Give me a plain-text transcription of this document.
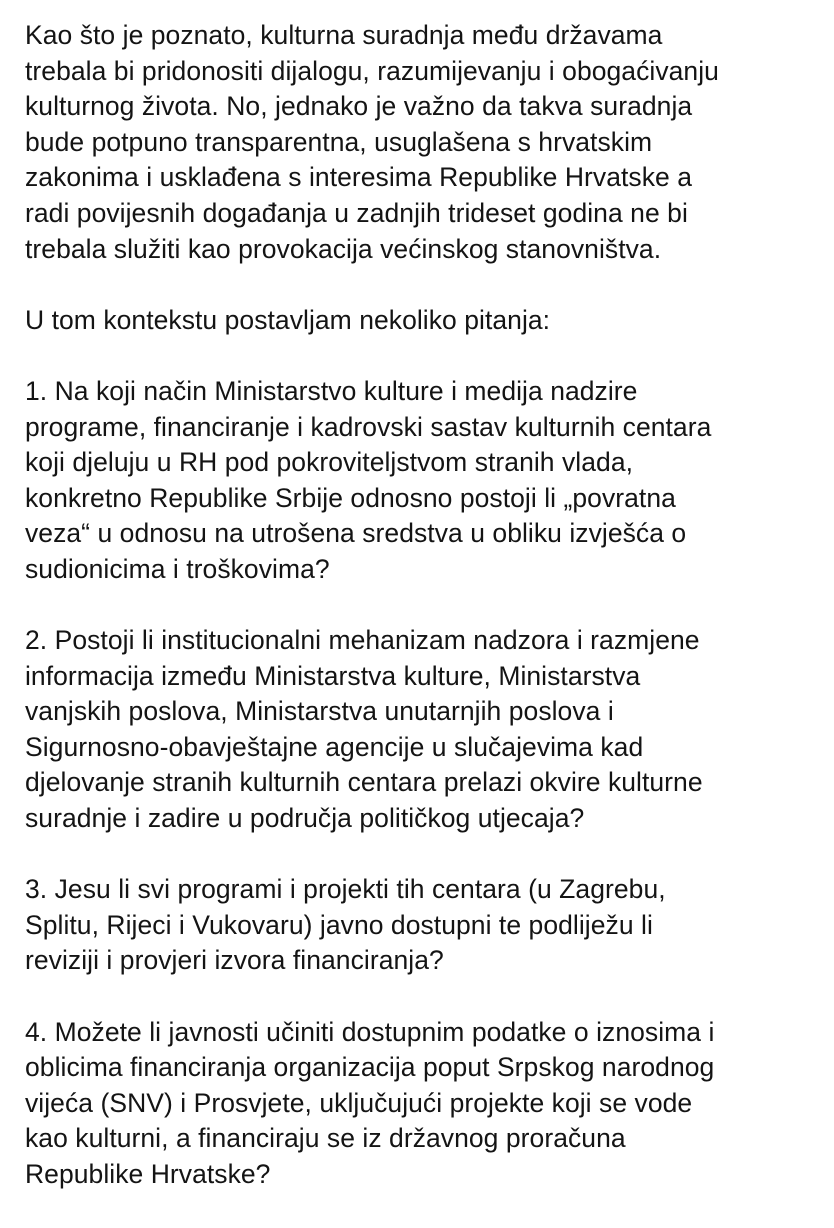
Kao što je poznato, kulturna suradnja među državama
trebala bi pridonositi dijalogu, razumijevanju i obogaćivanju
kulturnog života. No, jednako je važno da takva suradnja
bude potpuno transparentna, usuglašena s hrvatskim
zakonima i usklađena s interesima Republike Hrvatske a
radi povijesnih događanja u zadnjih trideset godina ne bi
trebala služiti kao provokacija većinskog stanovništva.

U tom kontekstu postavljam nekoliko pitanja:

1. Na koji način Ministarstvo kulture i medija nadzire
programe, financiranje i kadrovski sastav kulturnih centara
koji djeluju u RH pod pokroviteljstvom stranih vlada,
konkretno Republike Srbije odnosno postoji li „povratna
veza“ u odnosu na utrošena sredstva u obliku izvješća o
sudionicima i troškovima?

2. Postoji li institucionalni mehanizam nadzora i razmjene
informacija između Ministarstva kulture, Ministarstva
vanjskih poslova, Ministarstva unutarnjih poslova i
Sigurnosno-obavještajne agencije u slučajevima kad
djelovanje stranih kulturnih centara prelazi okvire kulturne
suradnje i zadire u područja političkog utjecaja?

3. Jesu li svi programi i projekti tih centara (u Zagrebu,
Splitu, Rijeci i Vukovaru) javno dostupni te podliježu li
reviziji i provjeri izvora financiranja?

4. Možete li javnosti učiniti dostupnim podatke o iznosima i
oblicima financiranja organizacija poput Srpskog narodnog
vijeća (SNV) i Prosvjete, uključujući projekte koji se vode
kao kulturni, a financiraju se iz državnog proračuna
Republike Hrvatske?
